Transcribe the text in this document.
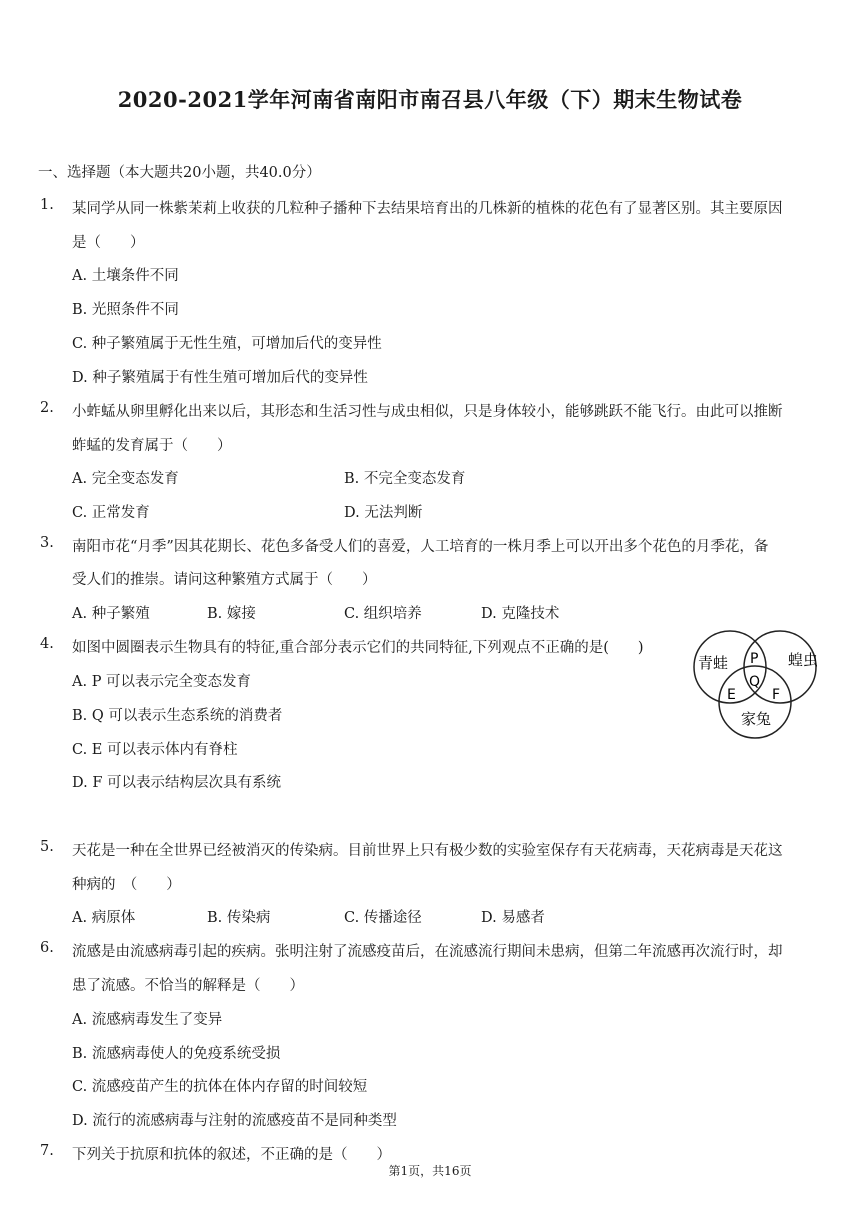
2020-2021学年河南省南阳市南召县八年级（下）期末生物试卷
一、选择题（本大题共20小题，共40.0分）
1. 某同学从同一株紫茉莉上收获的几粒种子播种下去结果培育出的几株新的植株的花色有了显著区别。其主要原因
是（　　）
A. 土壤条件不同
B. 光照条件不同
C. 种子繁殖属于无性生殖，可增加后代的变异性
D. 种子繁殖属于有性生殖可增加后代的变异性
2. 小蚱蜢从卵里孵化出来以后，其形态和生活习性与成虫相似，只是身体较小，能够跳跃不能飞行。由此可以推断
蚱蜢的发育属于（　　）
A. 完全变态发育	B. 不完全变态发育
C. 正常发育	D. 无法判断
3. 南阳市花“月季”因其花期长、花色多备受人们的喜爱，人工培育的一株月季上可以开出多个花色的月季花，备
受人们的推崇。请问这种繁殖方式属于（　　）
A. 种子繁殖	B. 嫁接	C. 组织培养	D. 克隆技术
4. 如图中圆圈表示生物具有的特征,重合部分表示它们的共同特征,下列观点不正确的是(　　)
A. P 可以表示完全变态发育
B. Q 可以表示生态系统的消费者
C. E 可以表示体内有脊柱
D. F 可以表示结构层次具有系统
青蛙	蝗虫
家兔
P
Q
E	F
5. 天花是一种在全世界已经被消灭的传染病。目前世界上只有极少数的实验室保存有天花病毒，天花病毒是天花这
种病的　（　　）
A. 病原体	B. 传染病	C. 传播途径	D. 易感者
6. 流感是由流感病毒引起的疾病。张明注射了流感疫苗后，在流感流行期间未患病，但第二年流感再次流行时，却
患了流感。不恰当的解释是（　　）
A. 流感病毒发生了变异
B. 流感病毒使人的免疫系统受损
C. 流感疫苗产生的抗体在体内存留的时间较短
D. 流行的流感病毒与注射的流感疫苗不是同种类型
7. 下列关于抗原和抗体的叙述，不正确的是（　　）
第1页，共16页
